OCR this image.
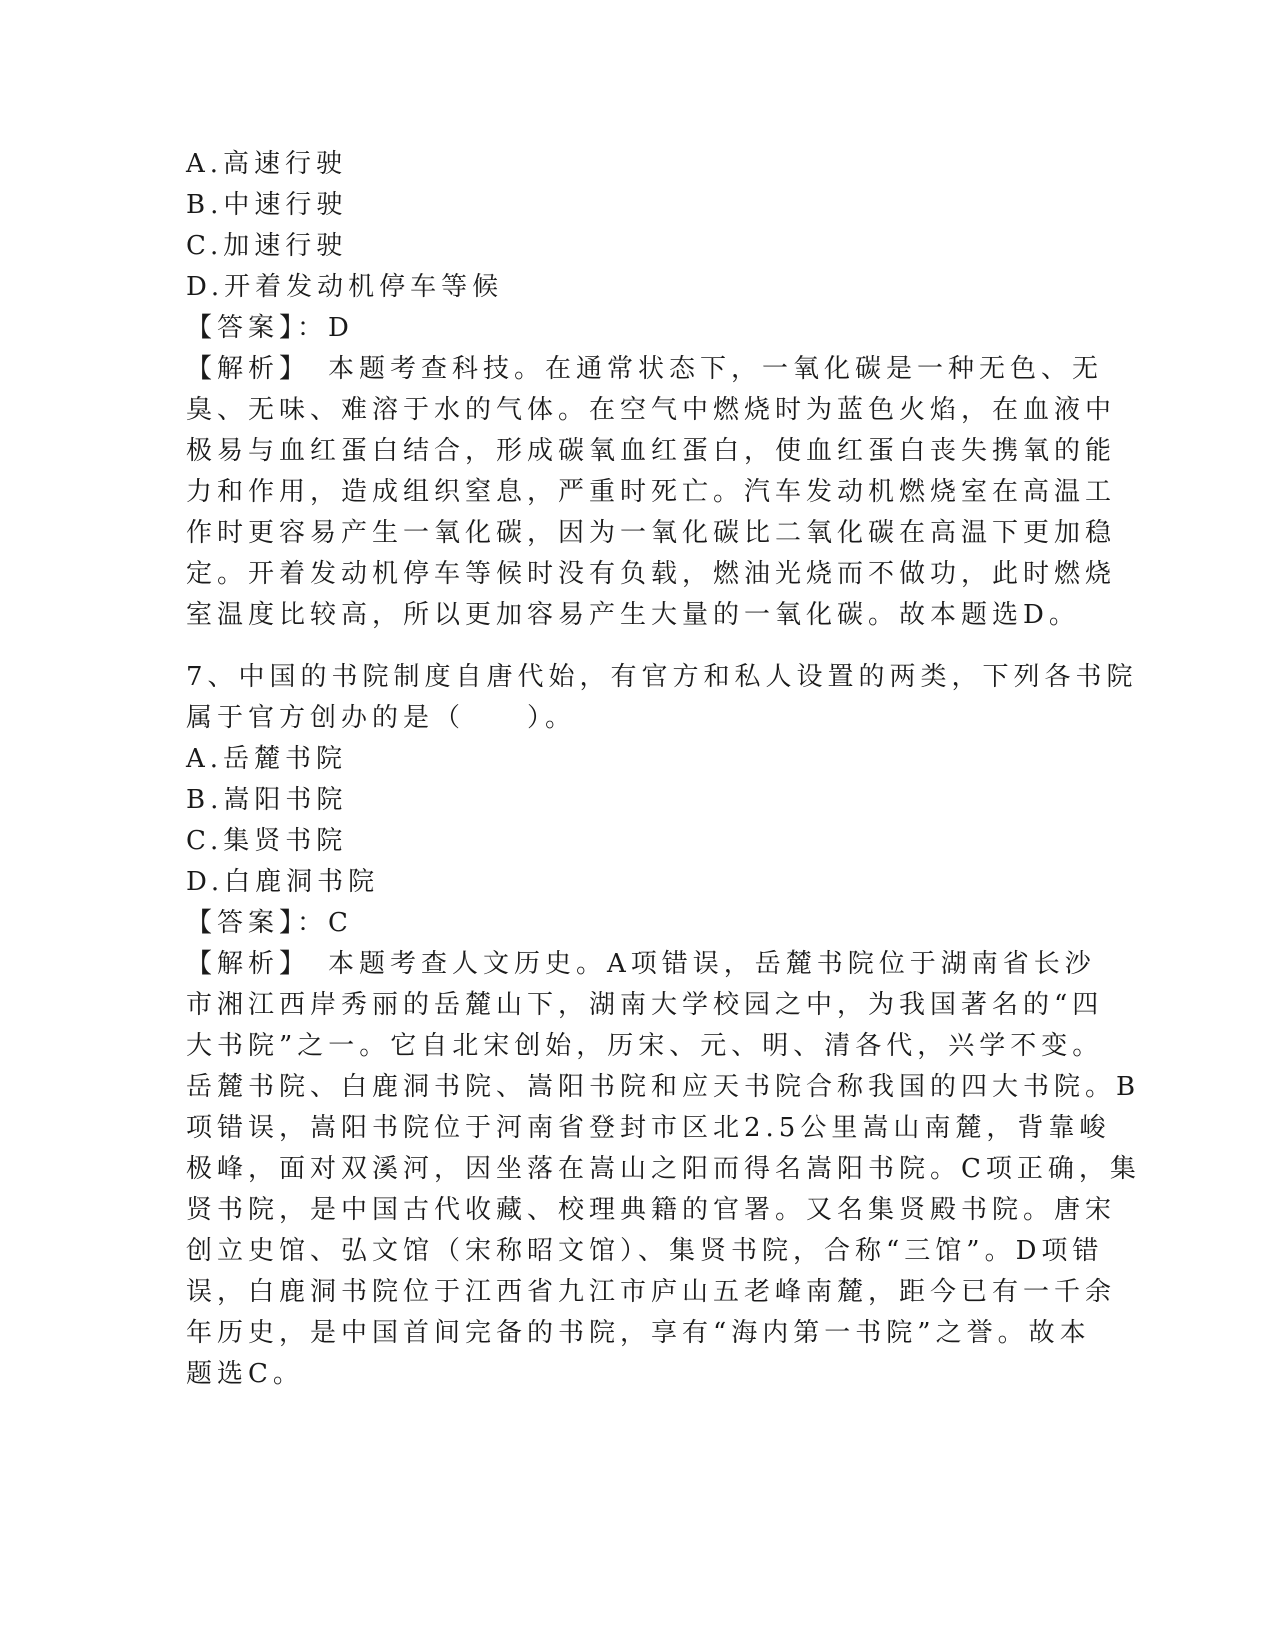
A.高速行驶
B.中速行驶
C.加速行驶
D.开着发动机停车等候
【答案】：D
【解析】　本题考查科技。在通常状态下，一氧化碳是一种无色、无
臭、无味、难溶于水的气体。在空气中燃烧时为蓝色火焰，在血液中
极易与血红蛋白结合，形成碳氧血红蛋白，使血红蛋白丧失携氧的能
力和作用，造成组织窒息，严重时死亡。汽车发动机燃烧室在高温工
作时更容易产生一氧化碳，因为一氧化碳比二氧化碳在高温下更加稳
定。开着发动机停车等候时没有负载，燃油光烧而不做功，此时燃烧
室温度比较高，所以更加容易产生大量的一氧化碳。故本题选D。
7、中国的书院制度自唐代始，有官方和私人设置的两类，下列各书院
属于官方创办的是（　　）。
A.岳麓书院
B.嵩阳书院
C.集贤书院
D.白鹿洞书院
【答案】：C
【解析】　本题考查人文历史。A项错误，岳麓书院位于湖南省长沙
市湘江西岸秀丽的岳麓山下，湖南大学校园之中，为我国著名的“四
大书院”之一。它自北宋创始，历宋、元、明、清各代，兴学不变。
岳麓书院、白鹿洞书院、嵩阳书院和应天书院合称我国的四大书院。B
项错误，嵩阳书院位于河南省登封市区北2.5公里嵩山南麓，背靠峻
极峰，面对双溪河，因坐落在嵩山之阳而得名嵩阳书院。C项正确，集
贤书院，是中国古代收藏、校理典籍的官署。又名集贤殿书院。唐宋
创立史馆、弘文馆（宋称昭文馆）、集贤书院，合称“三馆”。D项错
误，白鹿洞书院位于江西省九江市庐山五老峰南麓，距今已有一千余
年历史，是中国首间完备的书院，享有“海内第一书院”之誉。故本
题选C。
